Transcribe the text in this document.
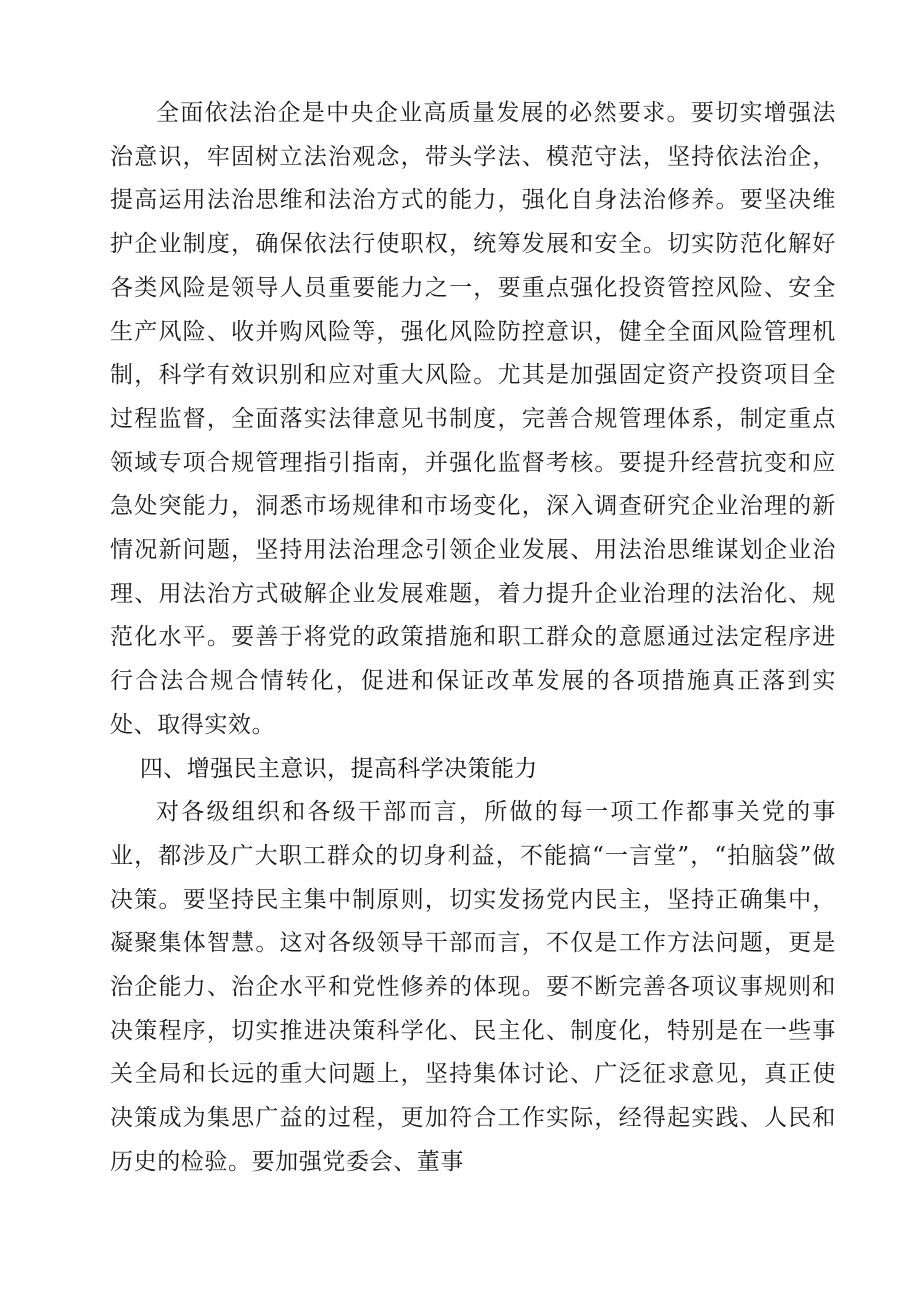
全面依法治企是中央企业高质量发展的必然要求。要切实增强法治意识，牢固树立法治观念，带头学法、模范守法，坚持依法治企，提高运用法治思维和法治方式的能力，强化自身法治修养。要坚决维护企业制度，确保依法行使职权，统筹发展和安全。切实防范化解好各类风险是领导人员重要能力之一，要重点强化投资管控风险、安全生产风险、收并购风险等，强化风险防控意识，健全全面风险管理机制，科学有效识别和应对重大风险。尤其是加强固定资产投资项目全过程监督，全面落实法律意见书制度，完善合规管理体系，制定重点领域专项合规管理指引指南，并强化监督考核。要提升经营抗变和应急处突能力，洞悉市场规律和市场变化，深入调查研究企业治理的新情况新问题，坚持用法治理念引领企业发展、用法治思维谋划企业治理、用法治方式破解企业发展难题，着力提升企业治理的法治化、规范化水平。要善于将党的政策措施和职工群众的意愿通过法定程序进行合法合规合情转化，促进和保证改革发展的各项措施真正落到实处、取得实效。

四、增强民主意识，提高科学决策能力

对各级组织和各级干部而言，所做的每一项工作都事关党的事业，都涉及广大职工群众的切身利益，不能搞“一言堂”，“拍脑袋”做决策。要坚持民主集中制原则，切实发扬党内民主，坚持正确集中，凝聚集体智慧。这对各级领导干部而言，不仅是工作方法问题，更是治企能力、治企水平和党性修养的体现。要不断完善各项议事规则和决策程序，切实推进决策科学化、民主化、制度化，特别是在一些事关全局和长远的重大问题上，坚持集体讨论、广泛征求意见，真正使决策成为集思广益的过程，更加符合工作实际，经得起实践、人民和历史的检验。要加强党委会、董事
